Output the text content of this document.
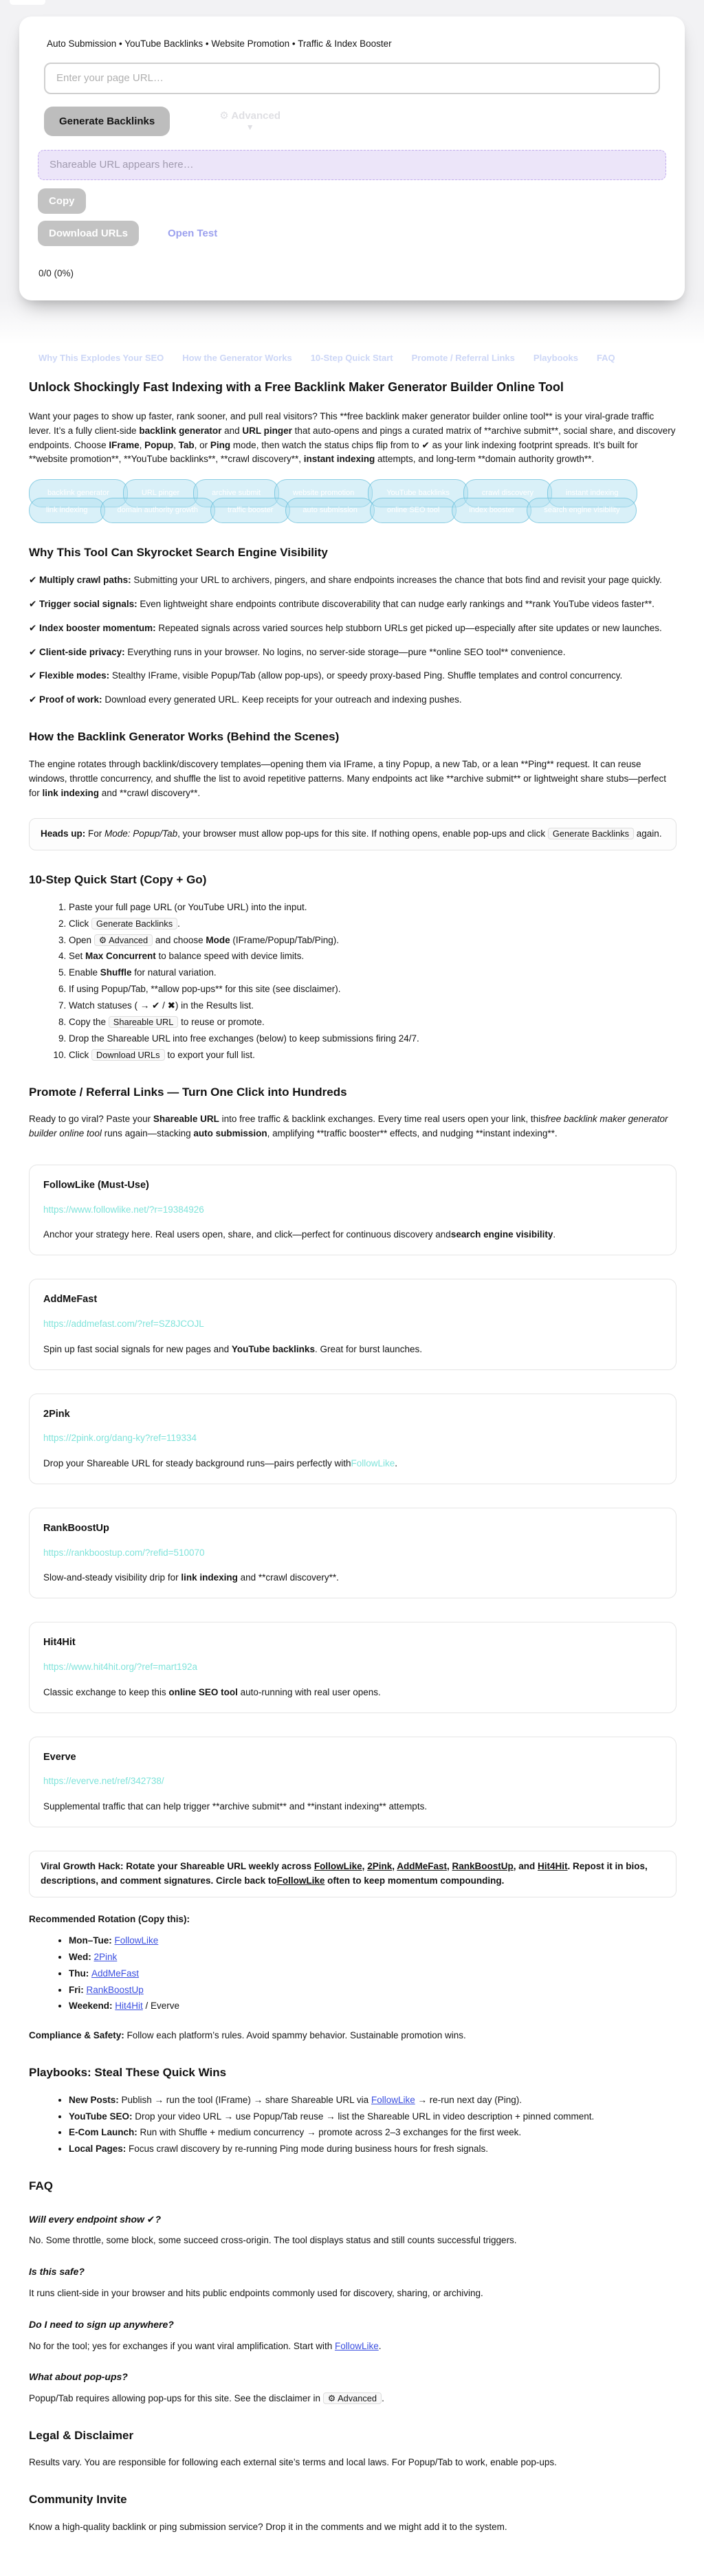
Auto Submission • YouTube Backlinks • Website Promotion • Traffic & Index Booster

Enter your page URL…
Generate Backlinks	⚙ Advanced
▼
Shareable URL appears here…
Copy
Download URLs	Open Test

0/0 (0%)

Why This Explodes Your SEO How the Generator Works 10-Step Quick Start Promote / Referral Links Playbooks FAQ
Unlock Shockingly Fast Indexing with a Free Backlink Maker Generator Builder Online Tool

Want your pages to show up faster, rank sooner, and pull real visitors? This **free backlink maker generator builder online tool** is your viral-grade traffic lever. It’s a fully client-side backlink generator and URL pinger that auto-opens and pings a curated matrix of **archive submit**, social share, and discovery endpoints. Choose IFrame, Popup, Tab, or Ping mode, then watch the status chips flip from to ✔ as your link indexing footprint spreads. It’s built for **website promotion**, **YouTube backlinks**, **crawl discovery**, instant indexing attempts, and long-term **domain authority growth**.

backlink generator	URL pinger	archive submit	website promotion	YouTube backlinks	crawl discovery	instant indexinglink indexing	domain authority growth	traffic booster	auto submission	online SEO tool	index booster	search engine visibility
Why This Tool Can Skyrocket Search Engine Visibility

✔ Multiply crawl paths: Submitting your URL to archivers, pingers, and share endpoints increases the chance that bots find and revisit your page quickly.

✔ Trigger social signals: Even lightweight share endpoints contribute discoverability that can nudge early rankings and **rank YouTube videos faster**.

✔ Index booster momentum: Repeated signals across varied sources help stubborn URLs get picked up—especially after site updates or new launches.

✔ Client-side privacy: Everything runs in your browser. No logins, no server-side storage—pure **online SEO tool** convenience.

✔ Flexible modes: Stealthy IFrame, visible Popup/Tab (allow pop-ups), or speedy proxy-based Ping. Shuffle templates and control concurrency.

✔ Proof of work: Download every generated URL. Keep receipts for your outreach and indexing pushes.

How the Backlink Generator Works (Behind the Scenes)

The engine rotates through backlink/discovery templates—opening them via IFrame, a tiny Popup, a new Tab, or a lean **Ping** request. It can reuse windows, throttle concurrency, and shuffle the list to avoid repetitive patterns. Many endpoints act like **archive submit** or lightweight share stubs—perfect for link indexing and **crawl discovery**.

Heads up: For Mode: Popup/Tab, your browser must allow pop-ups for this site. If nothing opens, enable pop-ups and click Generate Backlinks again.
10-Step Quick Start (Copy + Go)
1. Paste your full page URL (or YouTube URL) into the input.
2. Click Generate Backlinks .
3. Open ⚙ Advanced and choose Mode (IFrame/Popup/Tab/Ping).
4. Set Max Concurrent to balance speed with device limits.
5. Enable Shuffle for natural variation.
6. If using Popup/Tab, **allow pop-ups** for this site (see disclaimer).
7. Watch statuses ( → ✔ / ✖) in the Results list.
8. Copy the Shareable URL to reuse or promote.
9. Drop the Shareable URL into free exchanges (below) to keep submissions firing 24/7.
10. Click Download URLs to export your full list.
Promote / Referral Links — Turn One Click into Hundreds

Ready to go viral? Paste your Shareable URL into free traffic & backlink exchanges. Every time real users open your link, thisfree backlink maker generator builder online tool runs again—stacking auto submission, amplifying **traffic booster** effects, and nudging **instant indexing**.

FollowLike (Must-Use)
https://www.followlike.net/?r=19384926

Anchor your strategy here. Real users open, share, and click—perfect for continuous discovery andsearch engine visibility.

AddMeFast
https://addmefast.com/?ref=SZ8JCOJL

Spin up fast social signals for new pages and YouTube backlinks. Great for burst launches.

2Pink
https://2pink.org/dang-ky?ref=119334

Drop your Shareable URL for steady background runs—pairs perfectly withFollowLike.

RankBoostUp
https://rankboostup.com/?refid=510070

Slow-and-steady visibility drip for link indexing and **crawl discovery**.

Hit4Hit
https://www.hit4hit.org/?ref=mart192a

Classic exchange to keep this online SEO tool auto-running with real user opens.

Everve
https://everve.net/ref/342738/

Supplemental traffic that can help trigger **archive submit** and **instant indexing** attempts.

Viral Growth Hack: Rotate your Shareable URL weekly across FollowLike, 2Pink, AddMeFast, RankBoostUp, and Hit4Hit. Repost it in bios, descriptions, and comment signatures. Circle back toFollowLike often to keep momentum compounding.
Recommended Rotation (Copy this):
• Mon–Tue: FollowLike
• Wed: 2Pink
• Thu: AddMeFast
• Fri: RankBoostUp
• Weekend: Hit4Hit / Everve

Compliance & Safety: Follow each platform’s rules. Avoid spammy behavior. Sustainable promotion wins.

Playbooks: Steal These Quick Wins
• New Posts: Publish → run the tool (IFrame) → share Shareable URL via FollowLike → re-run next day (Ping).
• YouTube SEO: Drop your video URL → use Popup/Tab reuse → list the Shareable URL in video description + pinned comment.
• E-Com Launch: Run with Shuffle + medium concurrency → promote across 2–3 exchanges for the first week.
• Local Pages: Focus crawl discovery by re-running Ping mode during business hours for fresh signals.
FAQ
Will every endpoint show ✔?

No. Some throttle, some block, some succeed cross-origin. The tool displays status and still counts successful triggers.

Is this safe?

It runs client-side in your browser and hits public endpoints commonly used for discovery, sharing, or archiving.

Do I need to sign up anywhere?

No for the tool; yes for exchanges if you want viral amplification. Start with FollowLike.

What about pop-ups?

Popup/Tab requires allowing pop-ups for this site. See the disclaimer in ⚙ Advanced .

Legal & Disclaimer

Results vary. You are responsible for following each external site’s terms and local laws. For Popup/Tab to work, enable pop-ups.

Community Invite

Know a high-quality backlink or ping submission service? Drop it in the comments and we might add it to the system.
